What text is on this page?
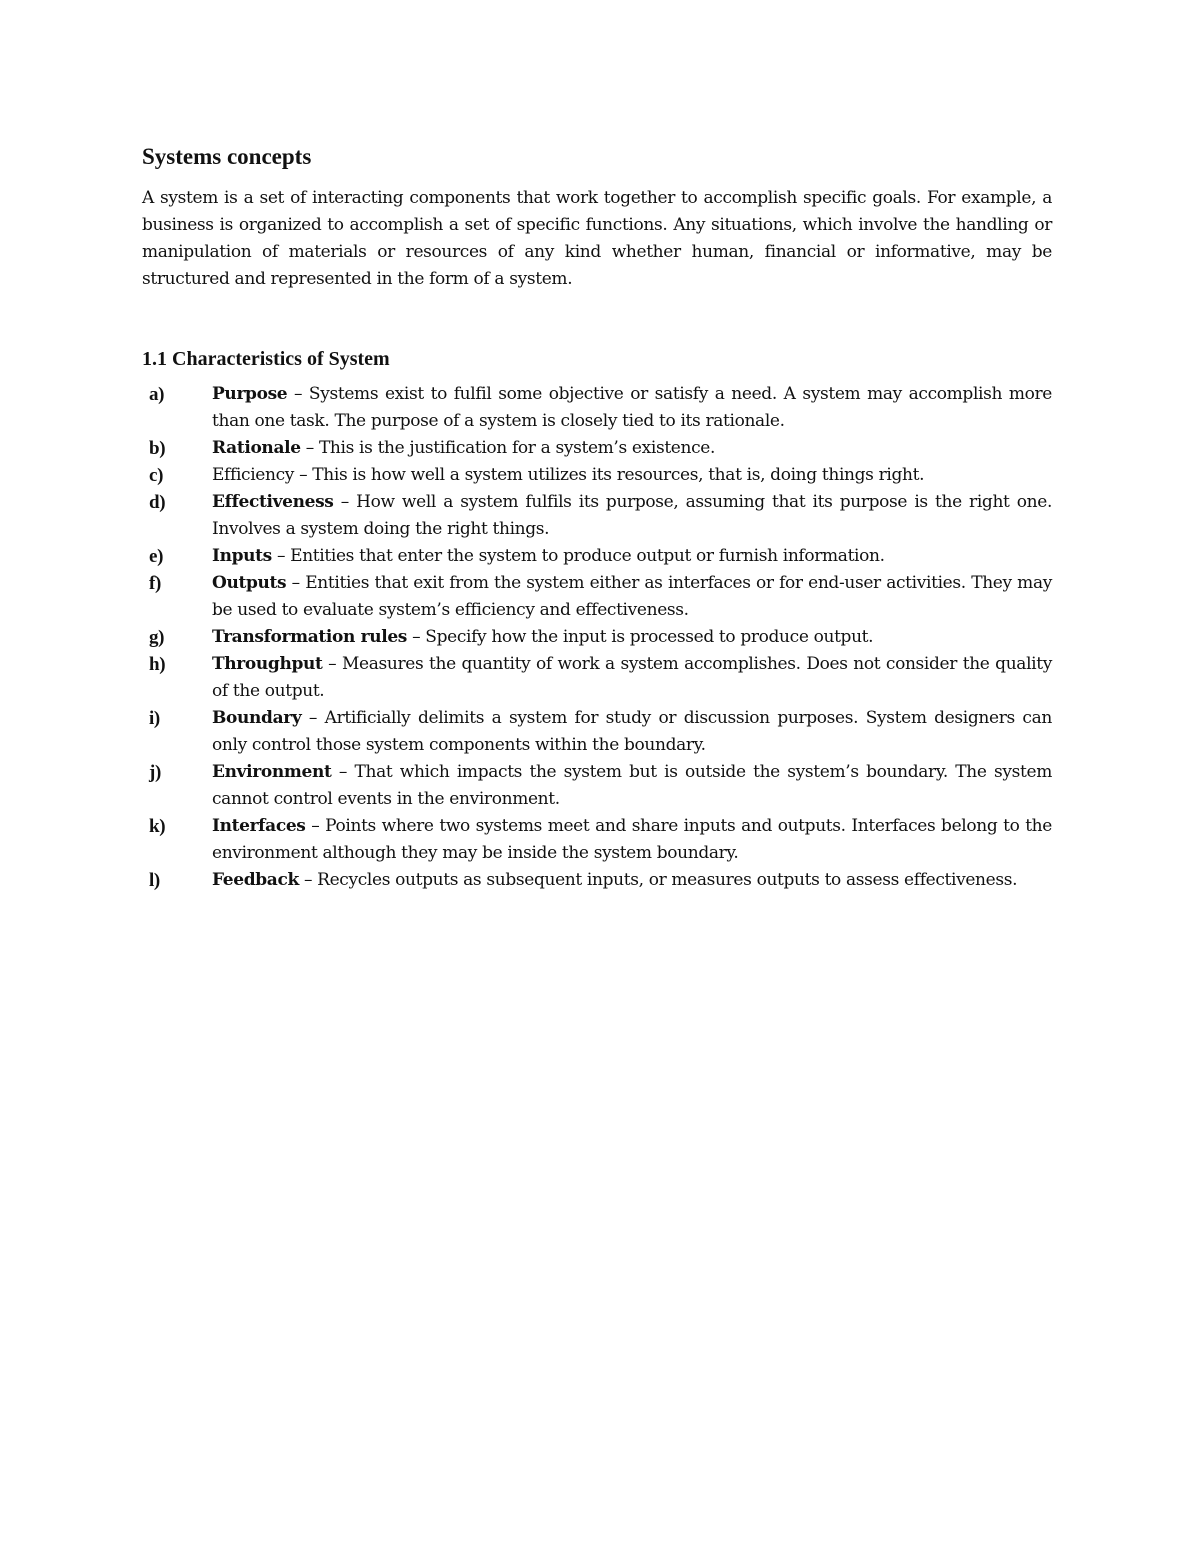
Systems concepts

A system is a set of interacting components that work together to accomplish specific goals. For example, a business is organized to accomplish a set of specific functions. Any situations, which involve the handling or manipulation of materials or resources of any kind whether human, financial or informative, may be structured and represented in the form of a system.

1.1 Characteristics of System
a)	Purpose – Systems exist to fulfil some objective or satisfy a need. A system may accomplish more than one task. The purpose of a system is closely tied to its rationale.
b)	Rationale – This is the justification for a system’s existence.
c)	Efficiency – This is how well a system utilizes its resources, that is, doing things right.
d)	Effectiveness – How well a system fulfils its purpose, assuming that its purpose is the right one. Involves a system doing the right things.
e)	Inputs – Entities that enter the system to produce output or furnish information.
f)	Outputs – Entities that exit from the system either as interfaces or for end-user activities. They may be used to evaluate system’s efficiency and effectiveness.
g)	Transformation rules – Specify how the input is processed to produce output.
h)	Throughput – Measures the quantity of work a system accomplishes. Does not consider the quality of the output.
i)	Boundary – Artificially delimits a system for study or discussion purposes. System designers can only control those system components within the boundary.
j)	Environment – That which impacts the system but is outside the system’s boundary. The system cannot control events in the environment.
k)	Interfaces – Points where two systems meet and share inputs and outputs. Interfaces belong to the environment although they may be inside the system boundary.
l)	Feedback – Recycles outputs as subsequent inputs, or measures outputs to assess effectiveness.
